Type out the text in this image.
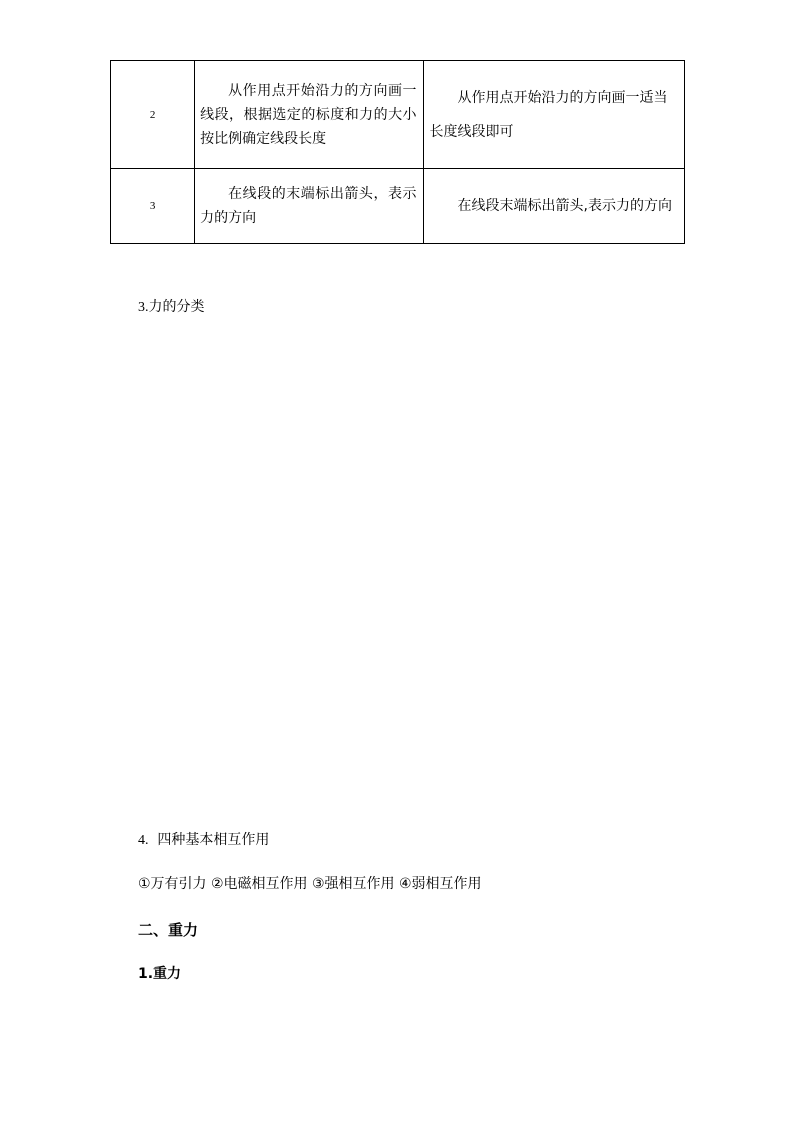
2	从作用点开始沿力的方向画一线段，根据选定的标度和力的大小按比例确定线段长度	从作用点开始沿力的方向画一适当长度线段即可
3	在线段的末端标出箭头，表示力的方向	在线段末端标出箭头,表示力的方向

3.力的分类

4. 四种基本相互作用

①万有引力 ②电磁相互作用 ③强相互作用 ④弱相互作用

二、重力

1.重力
